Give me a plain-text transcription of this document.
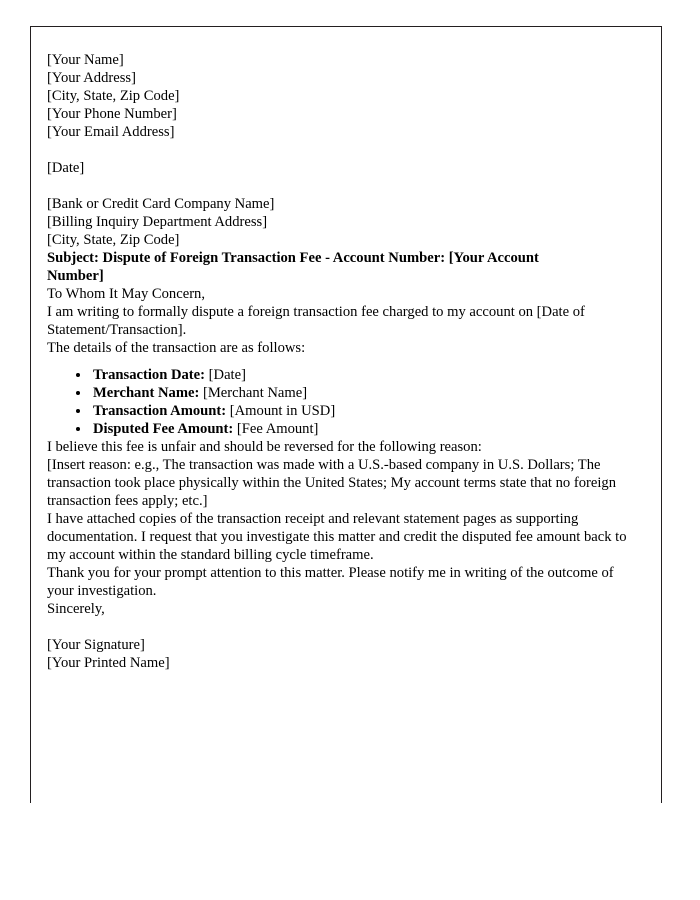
[Your Name]
[Your Address]
[City, State, Zip Code]
[Your Phone Number]
[Your Email Address]
[Date]
[Bank or Credit Card Company Name]
[Billing Inquiry Department Address]
[City, State, Zip Code]
Subject: Dispute of Foreign Transaction Fee - Account Number: [Your Account Number]

To Whom It May Concern,

I am writing to formally dispute a foreign transaction fee charged to my account on [Date of Statement/Transaction].

The details of the transaction are as follows:

• Transaction Date: [Date]
• Merchant Name: [Merchant Name]
• Transaction Amount: [Amount in USD]
• Disputed Fee Amount: [Fee Amount]

I believe this fee is unfair and should be reversed for the following reason:

[Insert reason: e.g., The transaction was made with a U.S.-based company in U.S. Dollars; The transaction took place physically within the United States; My account terms state that no foreign transaction fees apply; etc.]

I have attached copies of the transaction receipt and relevant statement pages as supporting documentation. I request that you investigate this matter and credit the disputed fee amount back to my account within the standard billing cycle timeframe.

Thank you for your prompt attention to this matter. Please notify me in writing of the outcome of your investigation.

Sincerely,

[Your Signature]
[Your Printed Name]
